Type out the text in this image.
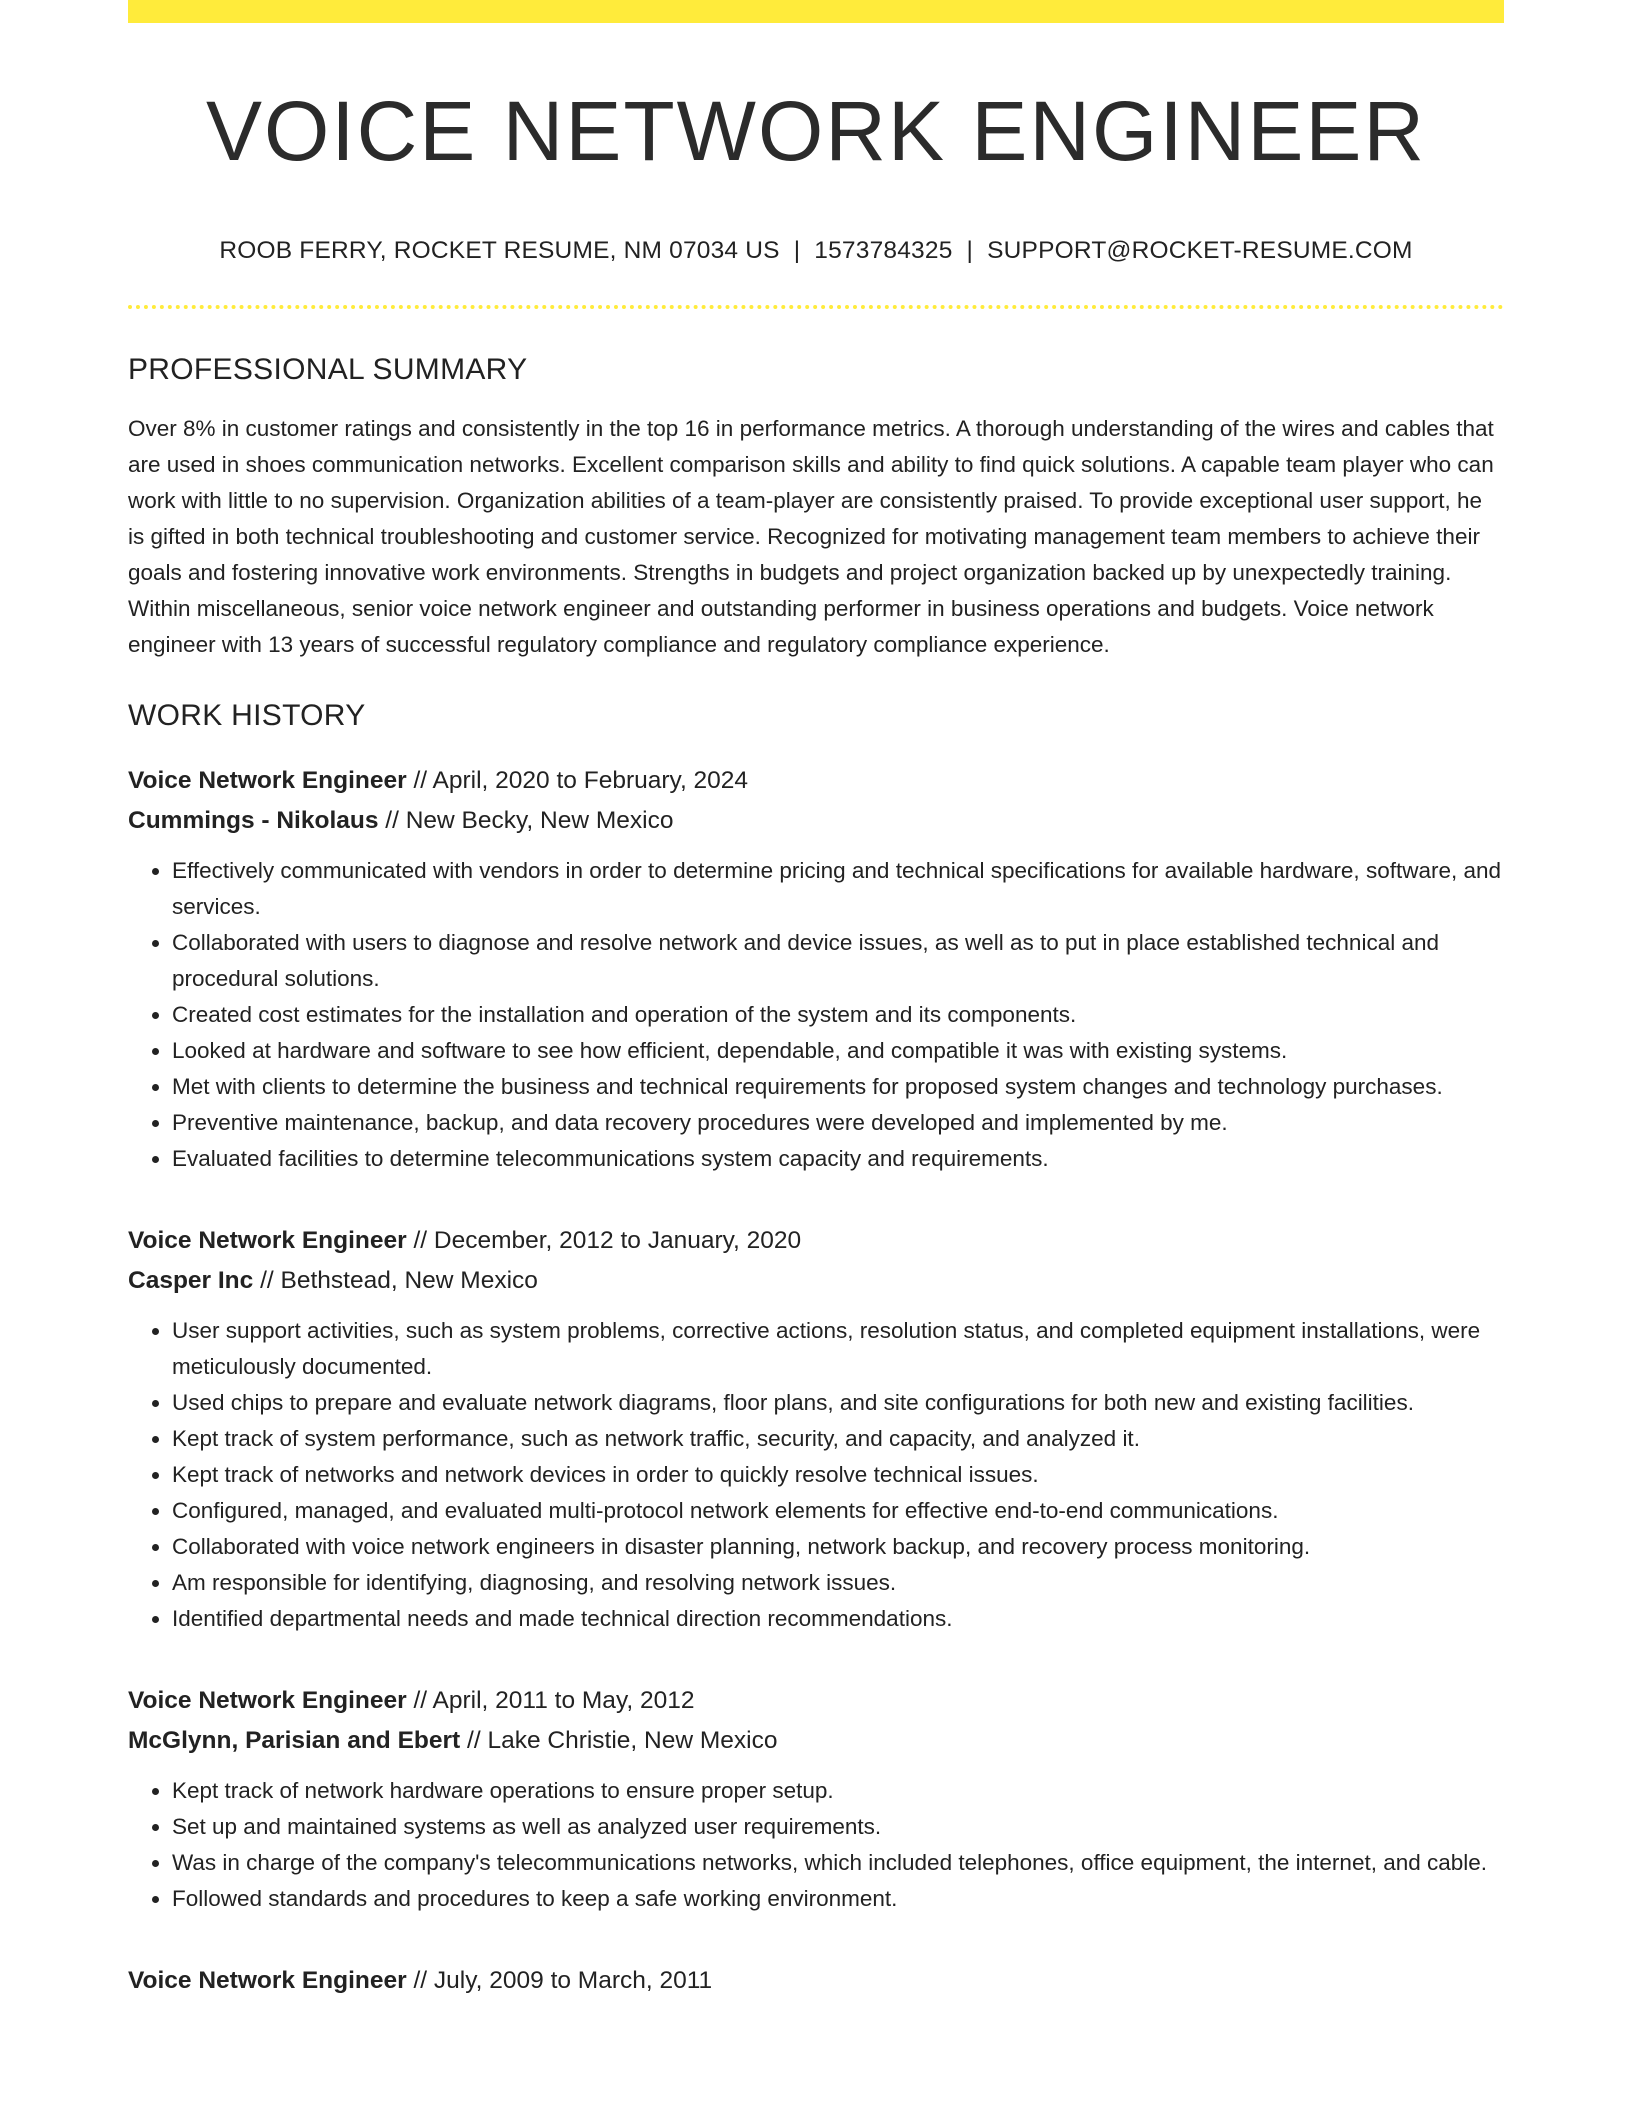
VOICE NETWORK ENGINEER
ROOB FERRY, ROCKET RESUME, NM 07034 US | 1573784325 | SUPPORT@ROCKET-RESUME.COM
PROFESSIONAL SUMMARY

Over 8% in customer ratings and consistently in the top 16 in performance metrics. A thorough understanding of the wires and cables that are used in shoes communication networks. Excellent comparison skills and ability to find quick solutions. A capable team player who can work with little to no supervision. Organization abilities of a team-player are consistently praised. To provide exceptional user support, he is gifted in both technical troubleshooting and customer service. Recognized for motivating management team members to achieve their goals and fostering innovative work environments. Strengths in budgets and project organization backed up by unexpectedly training. Within miscellaneous, senior voice network engineer and outstanding performer in business operations and budgets. Voice network engineer with 13 years of successful regulatory compliance and regulatory compliance experience.

WORK HISTORY
Voice Network Engineer // April, 2020 to February, 2024
Cummings - Nikolaus // New Becky, New Mexico
• Effectively communicated with vendors in order to determine pricing and technical specifications for available hardware, software, and services.
• Collaborated with users to diagnose and resolve network and device issues, as well as to put in place established technical and procedural solutions.
• Created cost estimates for the installation and operation of the system and its components.
• Looked at hardware and software to see how efficient, dependable, and compatible it was with existing systems.
• Met with clients to determine the business and technical requirements for proposed system changes and technology purchases.
• Preventive maintenance, backup, and data recovery procedures were developed and implemented by me.
• Evaluated facilities to determine telecommunications system capacity and requirements.
Voice Network Engineer // December, 2012 to January, 2020
Casper Inc // Bethstead, New Mexico
• User support activities, such as system problems, corrective actions, resolution status, and completed equipment installations, were meticulously documented.
• Used chips to prepare and evaluate network diagrams, floor plans, and site configurations for both new and existing facilities.
• Kept track of system performance, such as network traffic, security, and capacity, and analyzed it.
• Kept track of networks and network devices in order to quickly resolve technical issues.
• Configured, managed, and evaluated multi-protocol network elements for effective end-to-end communications.
• Collaborated with voice network engineers in disaster planning, network backup, and recovery process monitoring.
• Am responsible for identifying, diagnosing, and resolving network issues.
• Identified departmental needs and made technical direction recommendations.
Voice Network Engineer // April, 2011 to May, 2012
McGlynn, Parisian and Ebert // Lake Christie, New Mexico
• Kept track of network hardware operations to ensure proper setup.
• Set up and maintained systems as well as analyzed user requirements.
• Was in charge of the company's telecommunications networks, which included telephones, office equipment, the internet, and cable.
• Followed standards and procedures to keep a safe working environment.
Voice Network Engineer // July, 2009 to March, 2011
